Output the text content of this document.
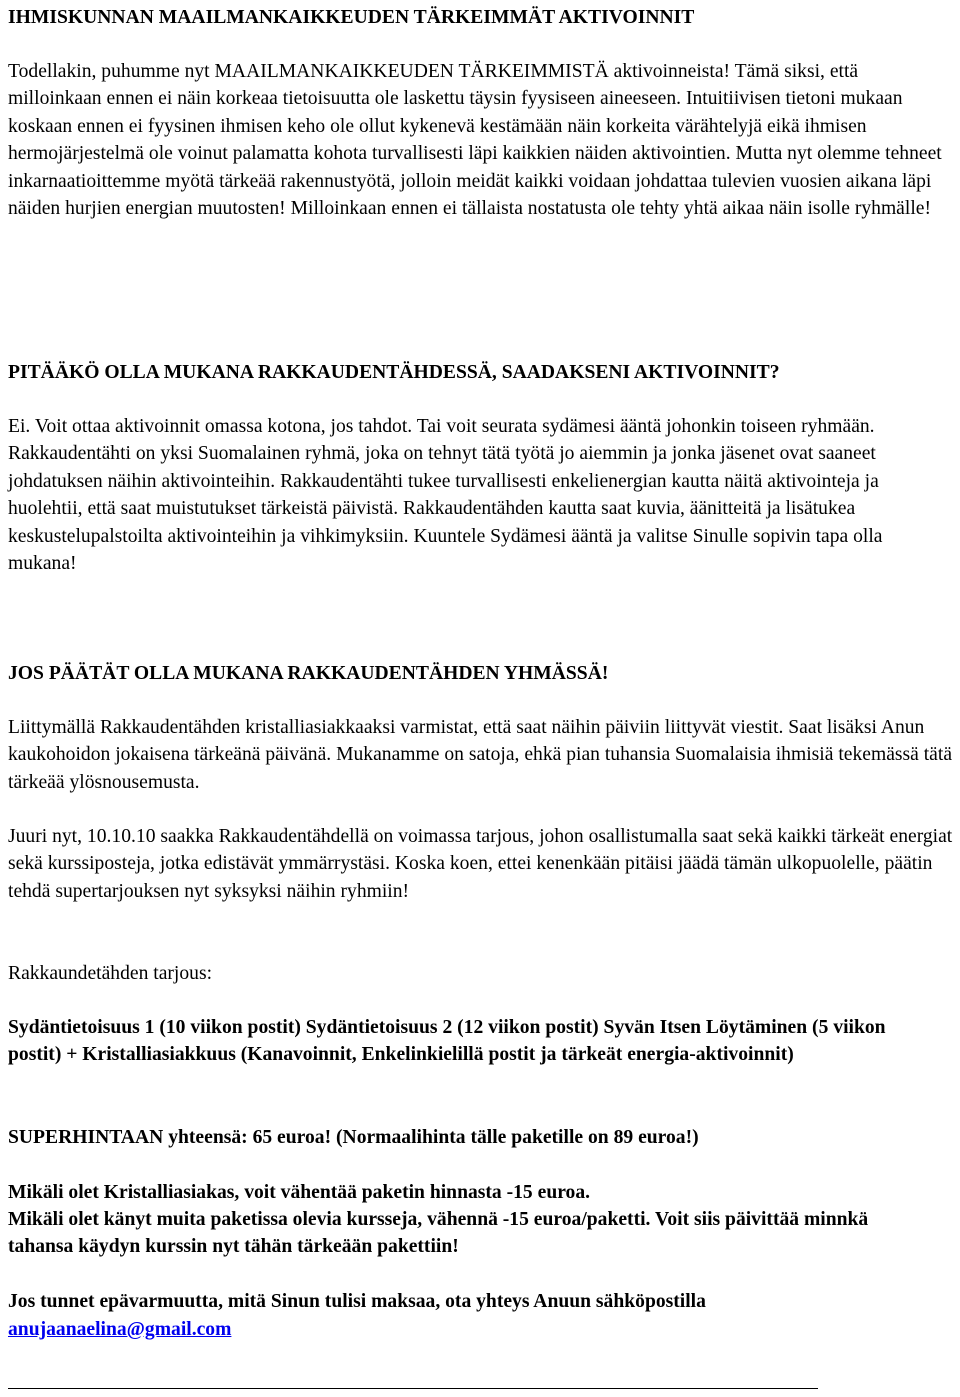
IHMISKUNNAN MAAILMANKAIKKEUDEN TÄRKEIMMÄT AKTIVOINNIT
Todellakin, puhumme nyt MAAILMANKAIKKEUDEN TÄRKEIMMISTÄ aktivoinneista! Tämä siksi, että milloinkaan ennen ei näin korkeaa tietoisuutta ole laskettu täysin fyysiseen aineeseen. Intuitiivisen tietoni mukaan koskaan ennen ei fyysinen ihmisen keho ole ollut kykenevä kestämään näin korkeita värähtelyjä eikä ihmisen hermojärjestelmä ole voinut palamatta kohota turvallisesti läpi kaikkien näiden aktivointien. Mutta nyt olemme tehneet inkarnaatioittemme myötä tärkeää rakennustyötä, jolloin meidät kaikki voidaan johdattaa tulevien vuosien aikana läpi näiden hurjien energian muutosten! Milloinkaan ennen ei tällaista nostatusta ole tehty yhtä aikaa näin isolle ryhmälle!
PITÄÄKÖ OLLA MUKANA RAKKAUDENTÄHDESSÄ, SAADAKSENI AKTIVOINNIT?
Ei. Voit ottaa aktivoinnit omassa kotona, jos tahdot. Tai voit seurata sydämesi ääntä johonkin toiseen ryhmään. Rakkaudentähti on yksi Suomalainen ryhmä, joka on tehnyt tätä työtä jo aiemmin ja jonka jäsenet ovat saaneet johdatuksen näihin aktivointeihin. Rakkaudentähti tukee turvallisesti enkelienergian kautta näitä aktivointeja ja huolehtii, että saat muistutukset tärkeistä päivistä. Rakkaudentähden kautta saat kuvia, äänitteitä ja lisätukea keskustelupalstoilta aktivointeihin ja vihkimyksiin. Kuuntele Sydämesi ääntä ja valitse Sinulle sopivin tapa olla mukana!
JOS PÄÄTÄT OLLA MUKANA RAKKAUDENTÄHDEN YHMÄSSÄ!
Liittymällä Rakkaudentähden kristalliasiakkaaksi varmistat, että saat näihin päiviin liittyvät viestit. Saat lisäksi Anun kaukohoidon jokaisena tärkeänä päivänä. Mukanamme on satoja, ehkä pian tuhansia Suomalaisia ihmisiä tekemässä tätä tärkeää ylösnousemusta.
Juuri nyt, 10.10.10 saakka Rakkaudentähdellä on voimassa tarjous, johon osallistumalla saat sekä kaikki tärkeät energiat sekä kurssiposteja, jotka edistävät ymmärrystäsi. Koska koen, ettei kenenkään pitäisi jäädä tämän ulkopuolelle, päätin tehdä supertarjouksen nyt syksyksi näihin ryhmiin!
Rakkaundetähden tarjous:
Sydäntietoisuus 1 (10 viikon postit) Sydäntietoisuus 2 (12 viikon postit) Syvän Itsen Löytäminen (5 viikon postit) + Kristalliasiakkuus (Kanavoinnit, Enkelinkielillä postit ja tärkeät energia-aktivoinnit)
SUPERHINTAAN yhteensä: 65 euroa! (Normaalihinta tälle paketille on 89 euroa!)
Mikäli olet Kristalliasiakas, voit vähentää paketin hinnasta -15 euroa.
Mikäli olet känyt muita paketissa olevia kursseja, vähennä -15 euroa/paketti. Voit siis päivittää minnkä tahansa käydyn kurssin nyt tähän tärkeään pakettiin!
Jos tunnet epävarmuutta, mitä Sinun tulisi maksaa, ota yhteys Anuun sähköpostilla
anujaanaelina@gmail.com
